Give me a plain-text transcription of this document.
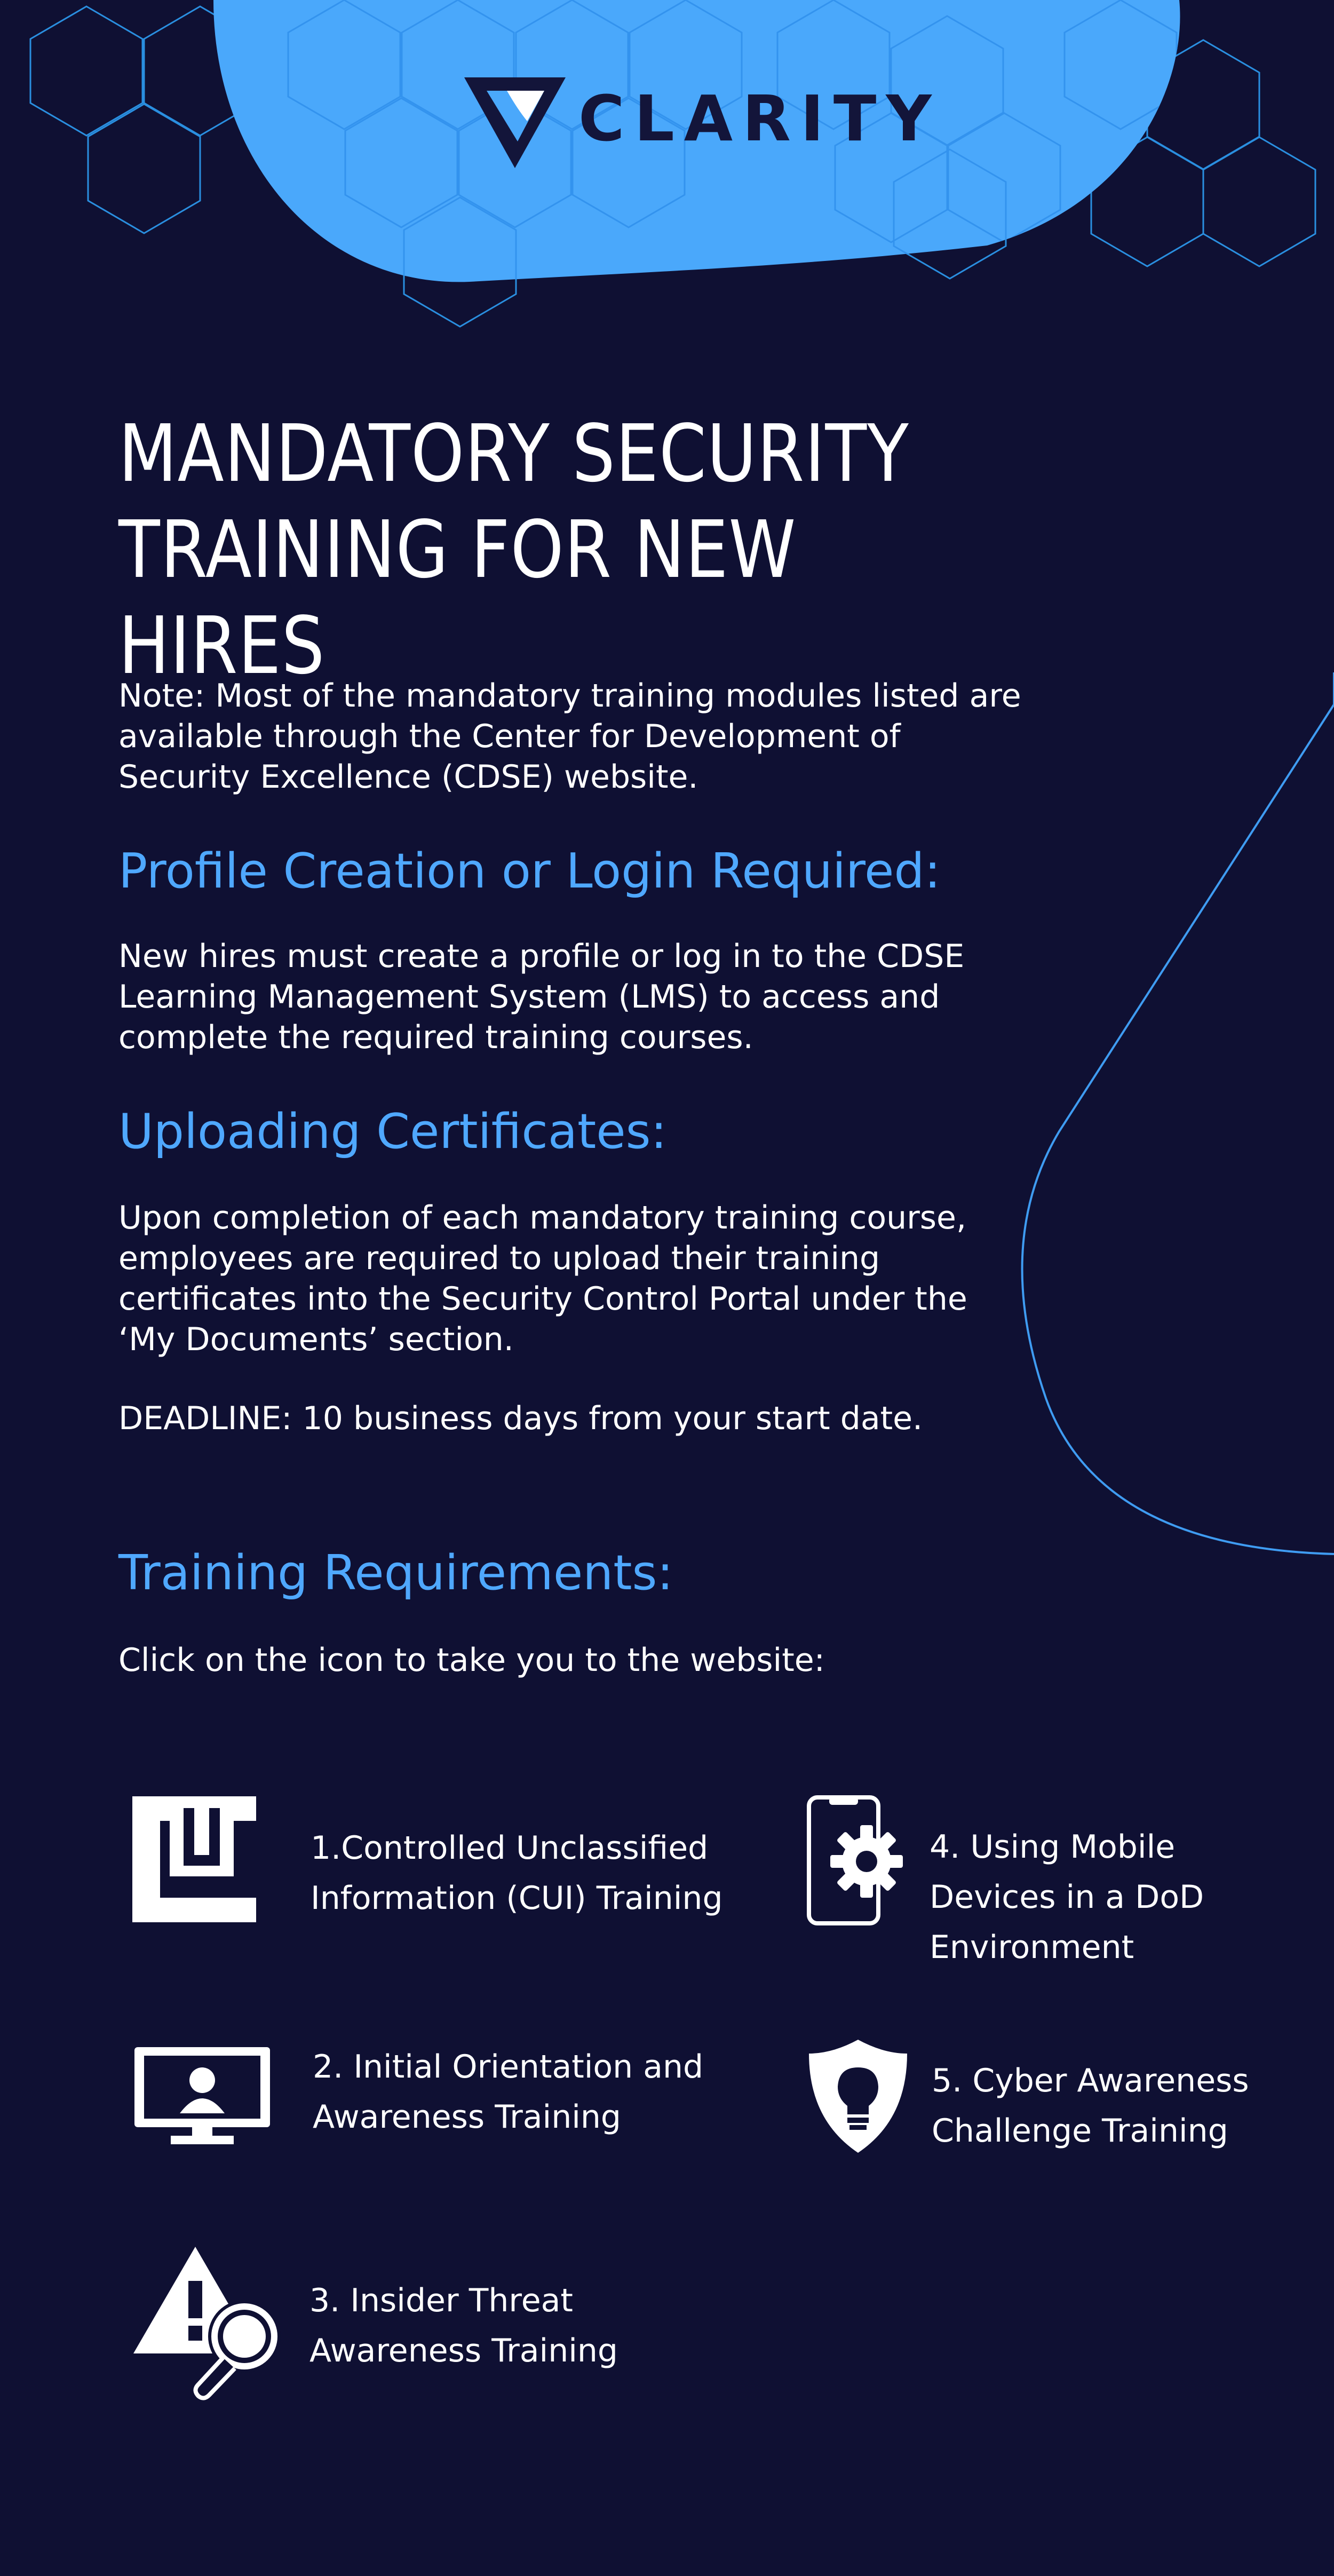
CLARITY
MANDATORY SECURITY
TRAINING FOR NEW HIRES

Note: Most of the mandatory training modules listed are available through the Center for Development of Security Excellence (CDSE) website.

Profile Creation or Login Required:

New hires must create a profile or log in to the CDSE Learning Management System (LMS) to access and complete the required training courses.

Uploading Certificates:

Upon completion of each mandatory training course, employees are required to upload their training certificates into the Security Control Portal under the ‘My Documents’ section.

DEADLINE: 10 business days from your start date.

Training Requirements:

Click on the icon to take you to the website:

1.Controlled Unclassified
Information (CUI) Training
2. Initial Orientation and
Awareness Training
3. Insider Threat
Awareness Training
4. Using Mobile
Devices in a DoD
Environment
5. Cyber Awareness
Challenge Training
